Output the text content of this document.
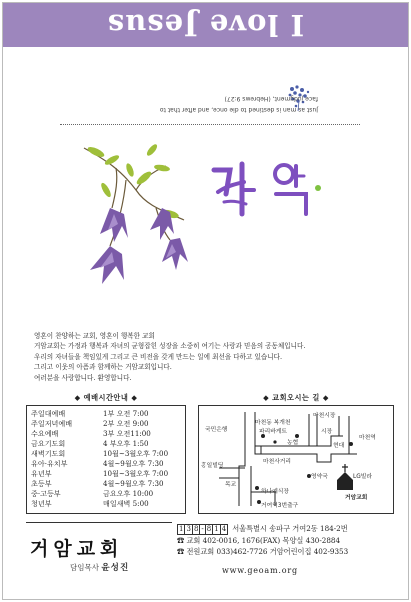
I love Jesus
Just as man is destined to die once, and after that to
face judgment, (Hebrews 9:27)

영혼이 찬양하는 교회, 영혼이 행복한 교회

거암교회는 가정과 행복과 자녀의 균형잡힌 성장을 소중히 여기는 사랑과 믿음의 공동체입니다.

우리의 자녀들을 책임있게 그리고 큰 비전을 갖게 만드는 일에 최선을 다하고 있습니다.

그리고 이웃의 아픔과 함께하는 거암교회입니다.

여러분을 사랑합니다. 환영합니다.

◆ 예배시간안내 ◆
주일대예배	1부 오전 7:00
주일저녁예배	2부 오전 9:00
수요예배	3부 오전11:00
금요기도회	4 부오후 1:50
새벽기도회	10월~3월오후 7:00
유아·유치부	4월~9월오후 7:30
유년부	10월~3월오후 7:00
초등부	4월~9월오후 7:30
중·고등부	금요오후 10:00
청년부	매일새벽 5:00
◆ 교회오시는 길 ◆
마천시장
마천동 복개천
국민은행	파리바게트
농협
마천사거리
홍일빌딩
시장
현대
마천역
목교
영약국	LG빌라
거암교회
하나예식장
거여역3번출구
거암교회
담임목사 윤성진
1 3 8 - 8 1 4 서울특별시 송파구 거여2동 184-2번
☎ 교회 402-0016, 1676(FAX) 목양실 430-2884
☎ 전원교회 033)462-7726 거암어린이집 402-9353
www.geoam.org
